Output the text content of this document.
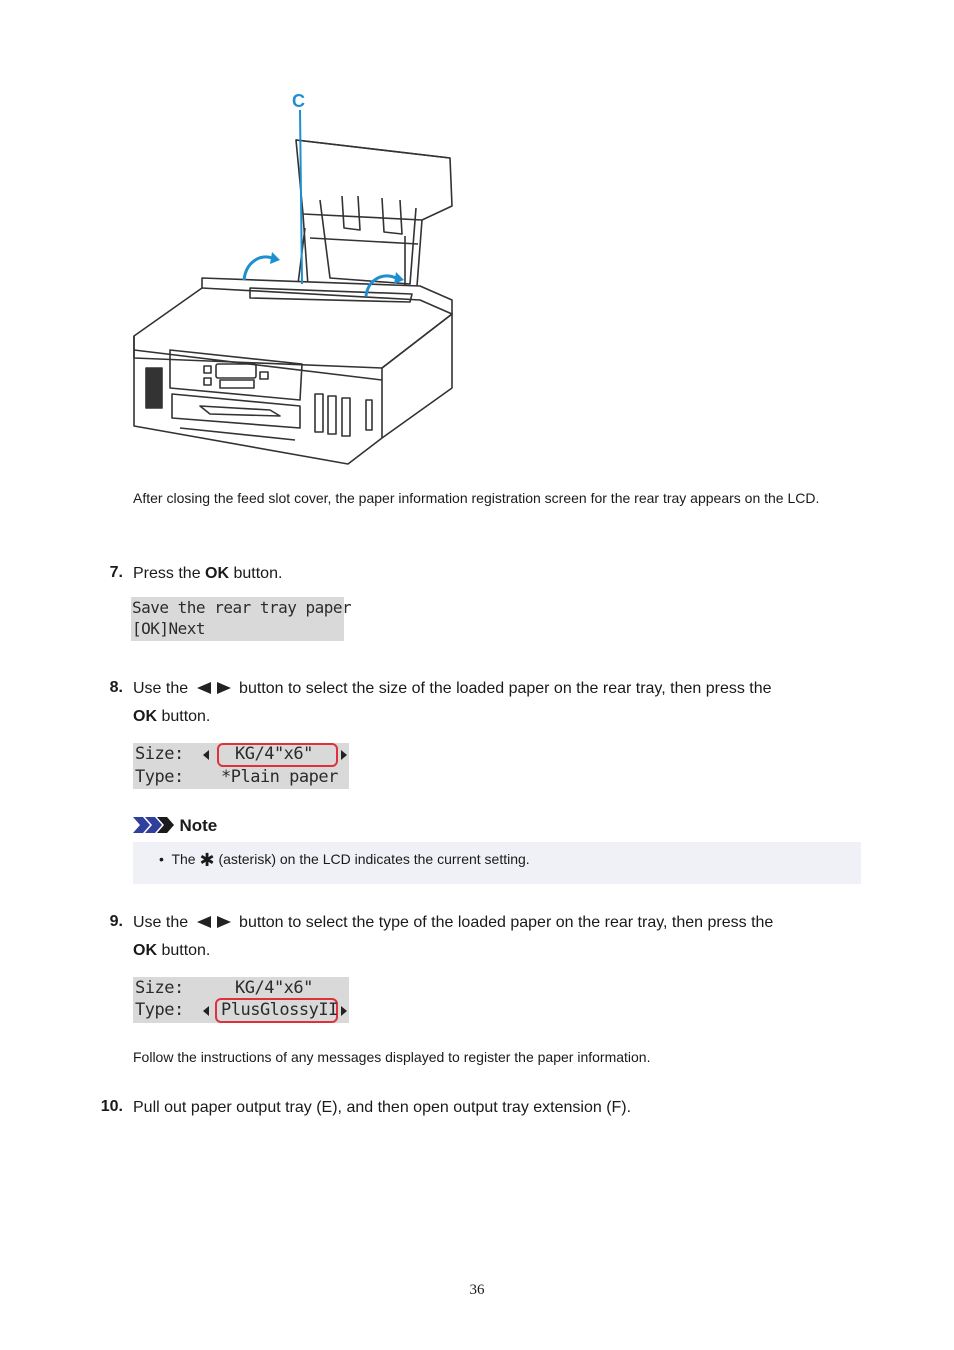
C
After closing the feed slot cover, the paper information registration screen for the rear tray appears on the LCD.
7. Press the OK button.
Save the rear tray paper
[OK]Next
8. Use the	button to select the size of the loaded paper on the rear tray, then press the
OK button.
Size:	KG/4"x6"
Type: *Plain paper
Note
•  The ✱ (asterisk) on the LCD indicates the current setting.
9. Use the	button to select the type of the loaded paper on the rear tray, then press the
OK button.
Size:	KG/4"x6"
Type: PlusGlossyII
Follow the instructions of any messages displayed to register the paper information.
10. Pull out paper output tray (E), and then open output tray extension (F).
36
